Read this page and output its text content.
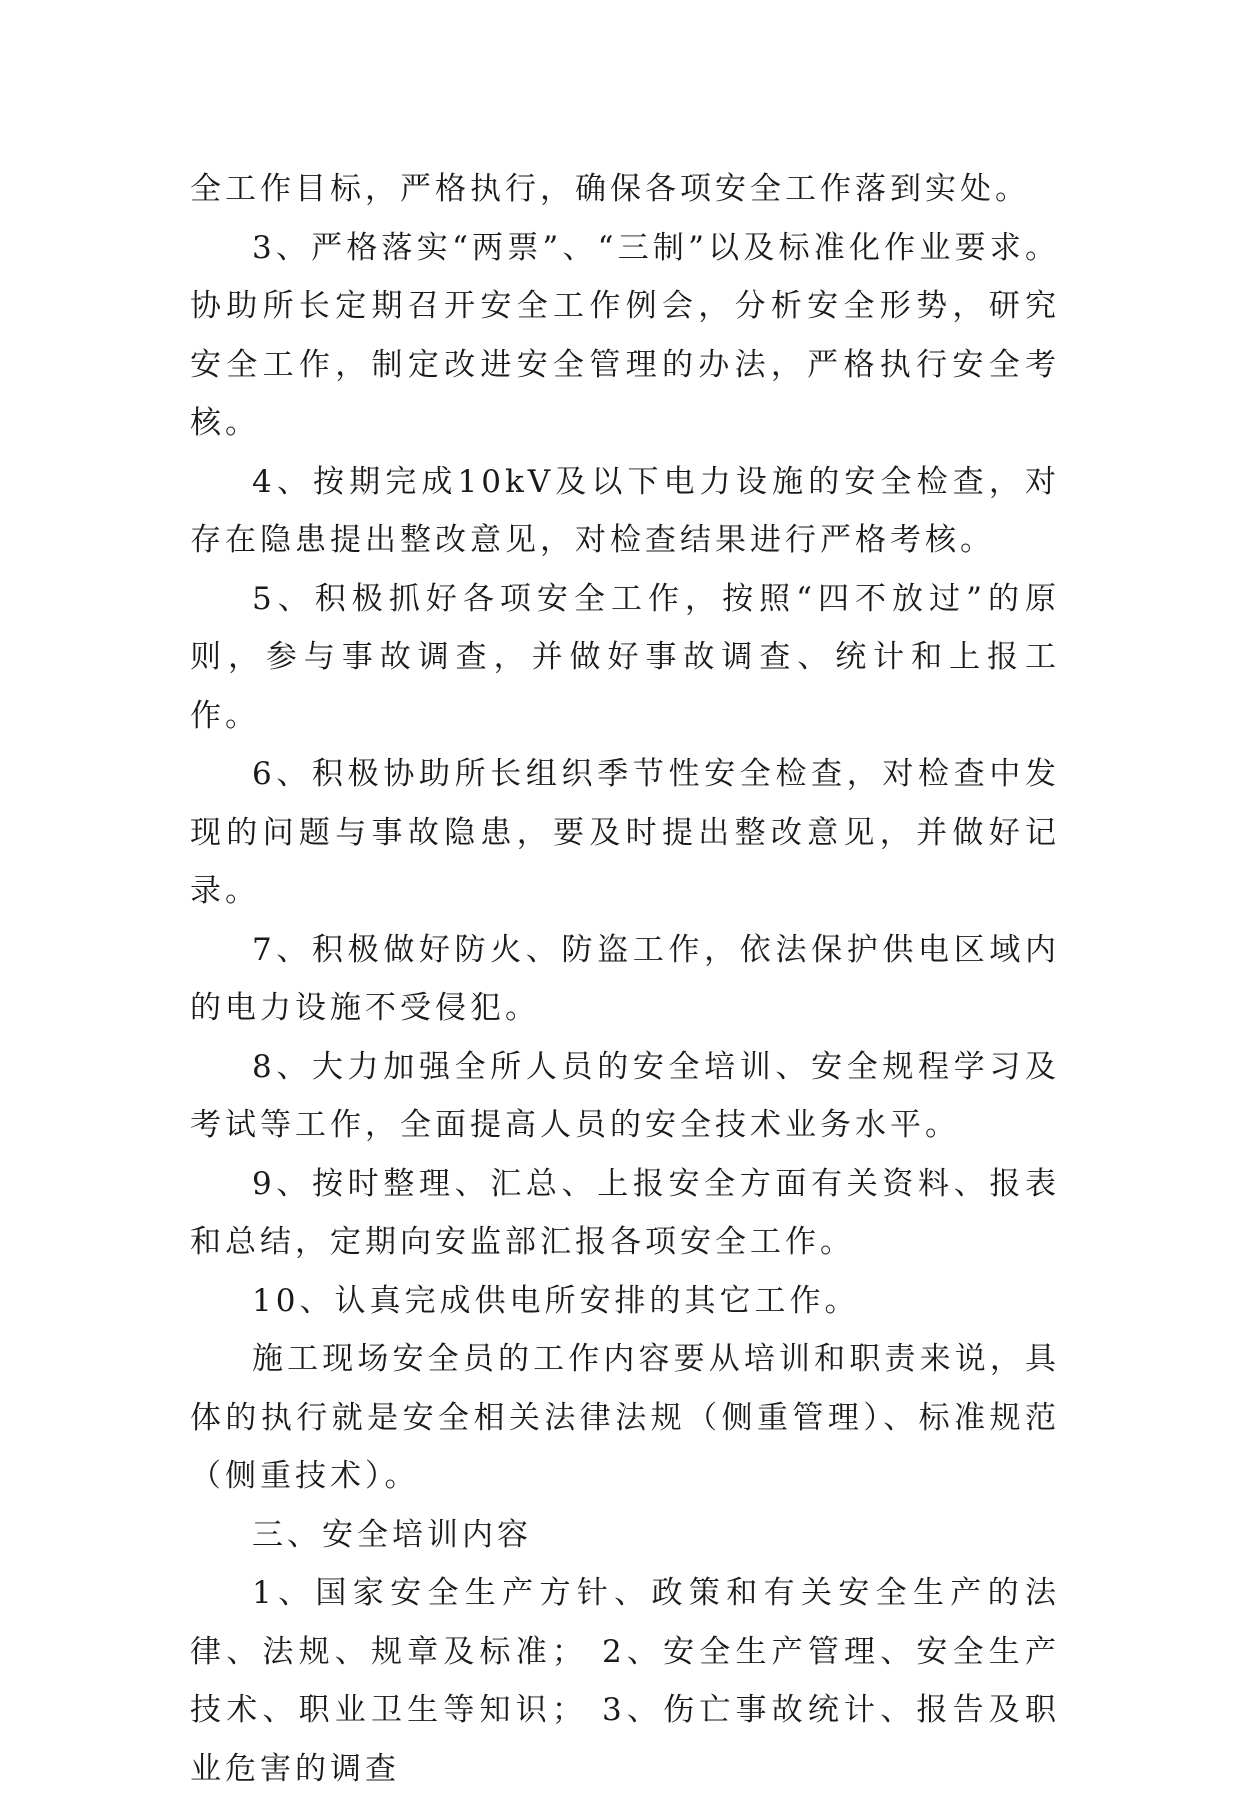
全工作目标，严格执行，确保各项安全工作落到实处。

3、严格落实“两票”、“三制”以及标准化作业要求。协助所长定期召开安全工作例会，分析安全形势，研究安全工作，制定改进安全管理的办法，严格执行安全考核。

4、按期完成10kV及以下电力设施的安全检查，对存在隐患提出整改意见，对检查结果进行严格考核。

5、积极抓好各项安全工作，按照“四不放过”的原则，参与事故调查，并做好事故调查、统计和上报工作。

6、积极协助所长组织季节性安全检查，对检查中发现的问题与事故隐患，要及时提出整改意见，并做好记录。

7、积极做好防火、防盗工作，依法保护供电区域内的电力设施不受侵犯。

8、大力加强全所人员的安全培训、安全规程学习及考试等工作，全面提高人员的安全技术业务水平。

9、按时整理、汇总、上报安全方面有关资料、报表和总结，定期向安监部汇报各项安全工作。

10、认真完成供电所安排的其它工作。

施工现场安全员的工作内容要从培训和职责来说，具体的执行就是安全相关法律法规（侧重管理）、标准规范（侧重技术）。

三、安全培训内容

1、国家安全生产方针、政策和有关安全生产的法律、法规、规章及标准； 2、安全生产管理、安全生产技术、职业卫生等知识； 3、伤亡事故统计、报告及职业危害的调查
